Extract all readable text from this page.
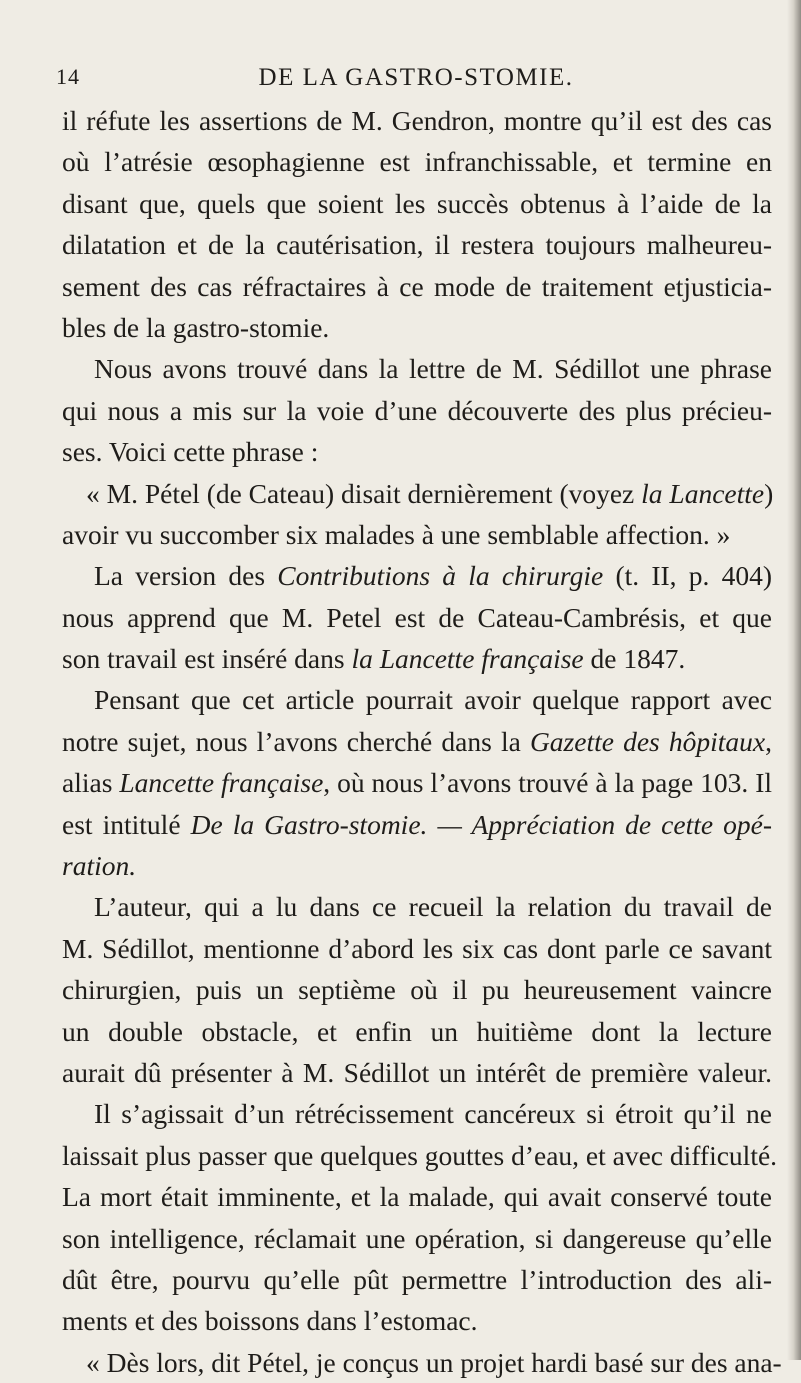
14	DE LA GASTRO-STOMIE.
il réfute les assertions de M. Gendron, montre qu’il est des cas
où l’atrésie œsophagienne est infranchissable, et termine en
disant que, quels que soient les succès obtenus à l’aide de la
dilatation et de la cautérisation, il restera toujours malheureu-
sement des cas réfractaires à ce mode de traitement etjusticia-
bles de la gastro-stomie.
Nous avons trouvé dans la lettre de M. Sédillot une phrase
qui nous a mis sur la voie d’une découverte des plus précieu-
ses. Voici cette phrase :
« M. Pétel (de Cateau) disait dernièrement (voyez la Lancette)
avoir vu succomber six malades à une semblable affection. »
La version des Contributions à la chirurgie (t. II, p. 404)
nous apprend que M. Petel est de Cateau-Cambrésis, et que
son travail est inséré dans la Lancette française de 1847.
Pensant que cet article pourrait avoir quelque rapport avec
notre sujet, nous l’avons cherché dans la Gazette des hôpitaux,
alias Lancette française, où nous l’avons trouvé à la page 103. Il
est intitulé De la Gastro-stomie. — Appréciation de cette opé-
ration.
L’auteur, qui a lu dans ce recueil la relation du travail de
M. Sédillot, mentionne d’abord les six cas dont parle ce savant
chirurgien, puis un septième où il pu heureusement vaincre
un double obstacle, et enfin un huitième dont la lecture
aurait dû présenter à M. Sédillot un intérêt de première valeur.
Il s’agissait d’un rétrécissement cancéreux si étroit qu’il ne
laissait plus passer que quelques gouttes d’eau, et avec difficulté.
La mort était imminente, et la malade, qui avait conservé toute
son intelligence, réclamait une opération, si dangereuse qu’elle
dût être, pourvu qu’elle pût permettre l’introduction des ali-
ments et des boissons dans l’estomac.
« Dès lors, dit Pétel, je conçus un projet hardi basé sur des ana-
